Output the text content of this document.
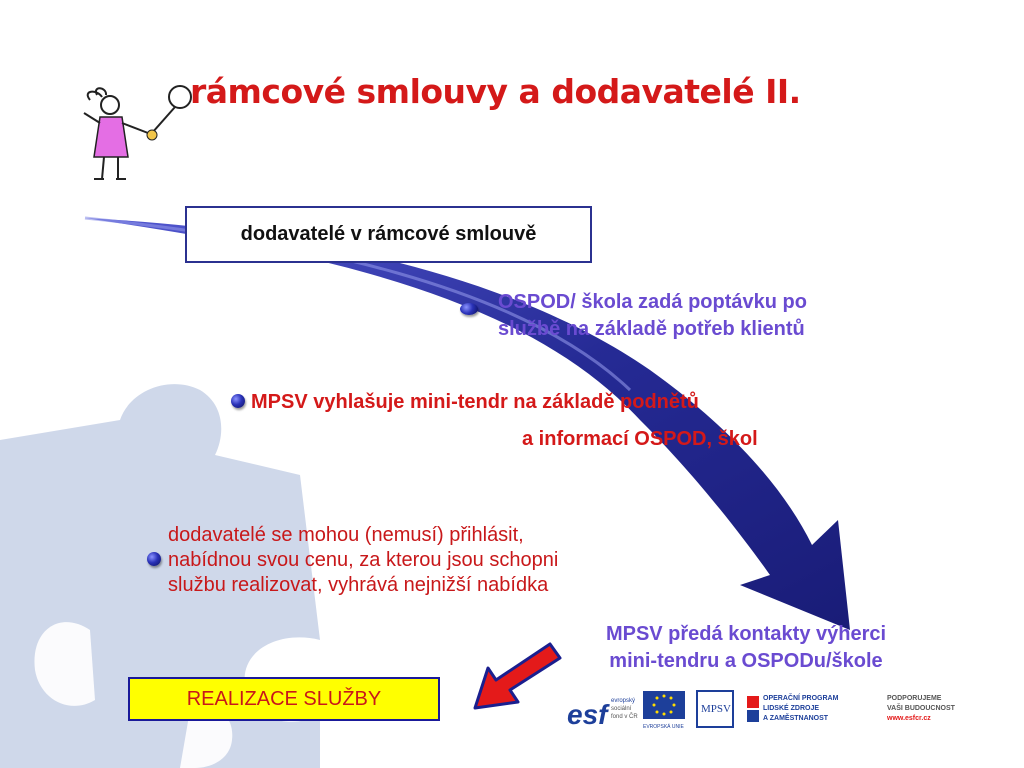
rámcové smlouvy a dodavatelé II.
dodavatelé v rámcové smlouvě
OSPOD/ škola zadá poptávku po
službě na základě potřeb klientů
MPSV vyhlašuje mini-tendr na základě podnětů
a informací OSPOD, škol
dodavatelé se mohou (nemusí) přihlásit,
nabídnou svou cenu, za kterou jsou schopni
službu realizovat, vyhrává nejnižší nabídka
MPSV předá kontakty výherci
mini-tendru a OSPODu/škole
REALIZACE SLUŽBY
esf evropský
sociální
fond v ČR
EVROPSKÁ UNIE
MPSV
OPERAČNÍ PROGRAM
LIDSKÉ ZDROJE
A ZAMĚSTNANOST
PODPORUJEME
VAŠI BUDOUCNOST
www.esfcr.cz
